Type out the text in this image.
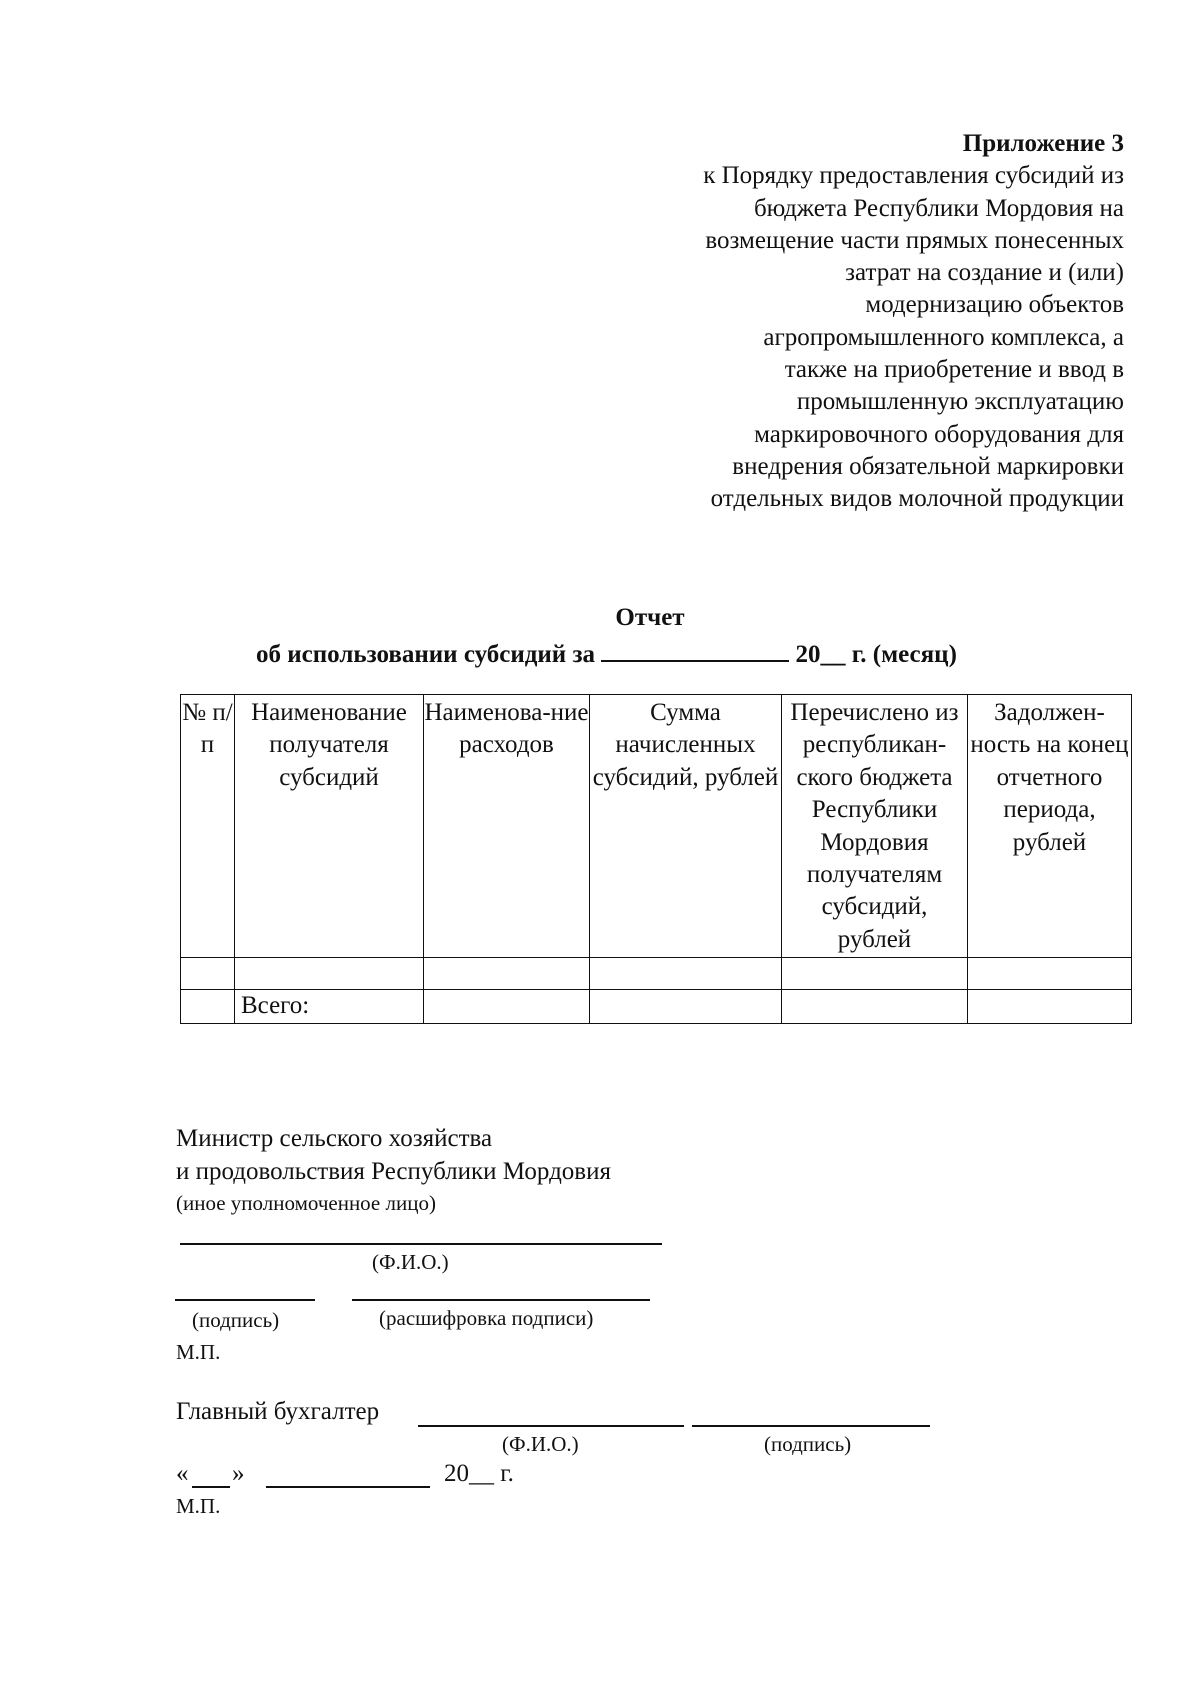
Приложение 3
к Порядку предоставления субсидий из
бюджета Республики Мордовия на
возмещение части прямых понесенных
затрат на создание и (или)
модернизацию объектов
агропромышленного комплекса, а
также на приобретение и ввод в
промышленную эксплуатацию
маркировочного оборудования для
внедрения обязательной маркировки
отдельных видов молочной продукции
Отчет
об использовании субсидий за	20__ г. (месяц)
№ п/п	Наименование получателя субсидий	Наименова-ние расходов	Сумма начисленных субсидий, рублей	Перечислено из республикан-ского бюджета Республики Мордовия получателям субсидий, рублей	Задолжен-ность на конец отчетного периода, рублей

	Всего:				
Министр сельского хозяйства
и продовольствия Республики Мордовия
(иное уполномоченное лицо)
(Ф.И.О.)
(подпись)	(расшифровка подписи)
М.П.
Главный бухгалтер
(Ф.И.О.)	(подпись)
« »	20__ г.
М.П.
